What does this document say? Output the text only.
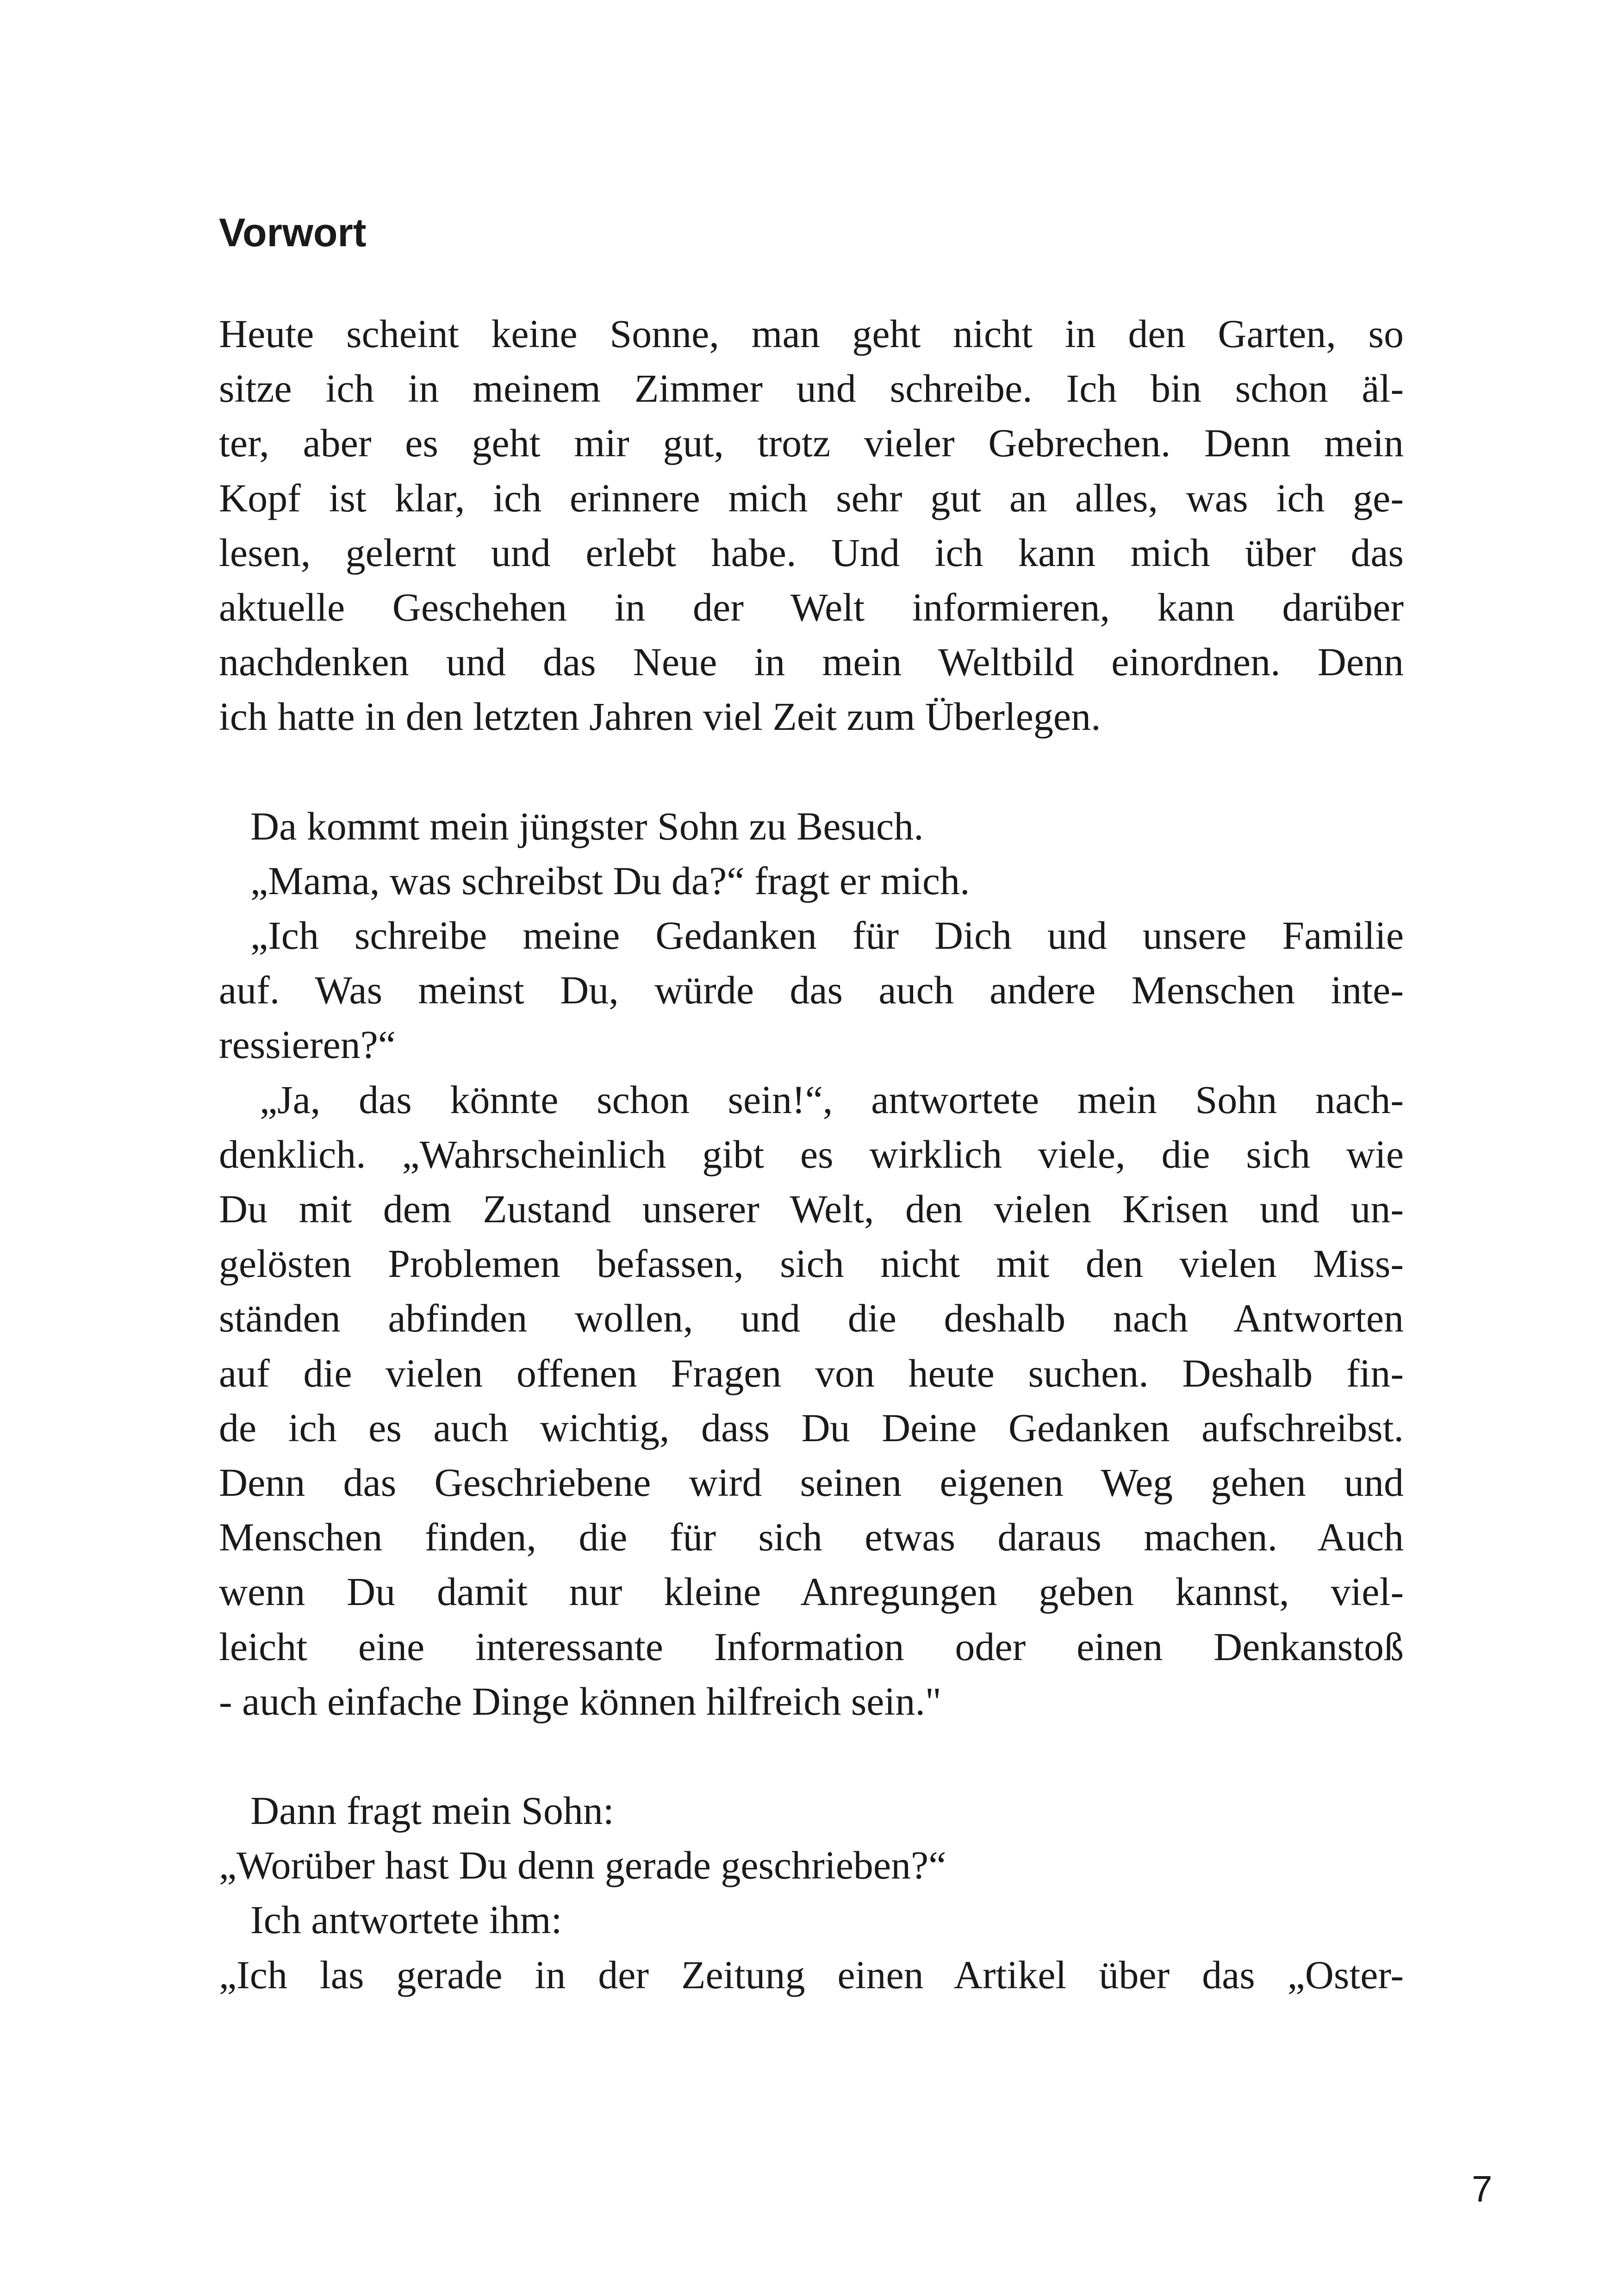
Vorwort
Heute scheint keine Sonne, man geht nicht in den Garten, so
sitze ich in meinem Zimmer und schreibe. Ich bin schon äl-
ter, aber es geht mir gut, trotz vieler Gebrechen. Denn mein
Kopf ist klar, ich erinnere mich sehr gut an alles, was ich ge-
lesen, gelernt und erlebt habe. Und ich kann mich über das
aktuelle Geschehen in der Welt informieren, kann darüber
nachdenken und das Neue in mein Weltbild einordnen. Denn
ich hatte in den letzten Jahren viel Zeit zum Überlegen.
Da kommt mein jüngster Sohn zu Besuch.
„Mama, was schreibst Du da?“ fragt er mich.
„Ich schreibe meine Gedanken für Dich und unsere Familie
auf. Was meinst Du, würde das auch andere Menschen inte-
ressieren?“
„Ja, das könnte schon sein!“, antwortete mein Sohn nach-
denklich. „Wahrscheinlich gibt es wirklich viele, die sich wie
Du mit dem Zustand unserer Welt, den vielen Krisen und un-
gelösten Problemen befassen, sich nicht mit den vielen Miss-
ständen abfinden wollen, und die deshalb nach Antworten
auf die vielen offenen Fragen von heute suchen. Deshalb fin-
de ich es auch wichtig, dass Du Deine Gedanken aufschreibst.
Denn das Geschriebene wird seinen eigenen Weg gehen und
Menschen finden, die für sich etwas daraus machen. Auch
wenn Du damit nur kleine Anregungen geben kannst, viel-
leicht eine interessante Information oder einen Denkanstoß
- auch einfache Dinge können hilfreich sein."
Dann fragt mein Sohn:
„Worüber hast Du denn gerade geschrieben?“
Ich antwortete ihm:
„Ich las gerade in der Zeitung einen Artikel über das „Oster-
7
